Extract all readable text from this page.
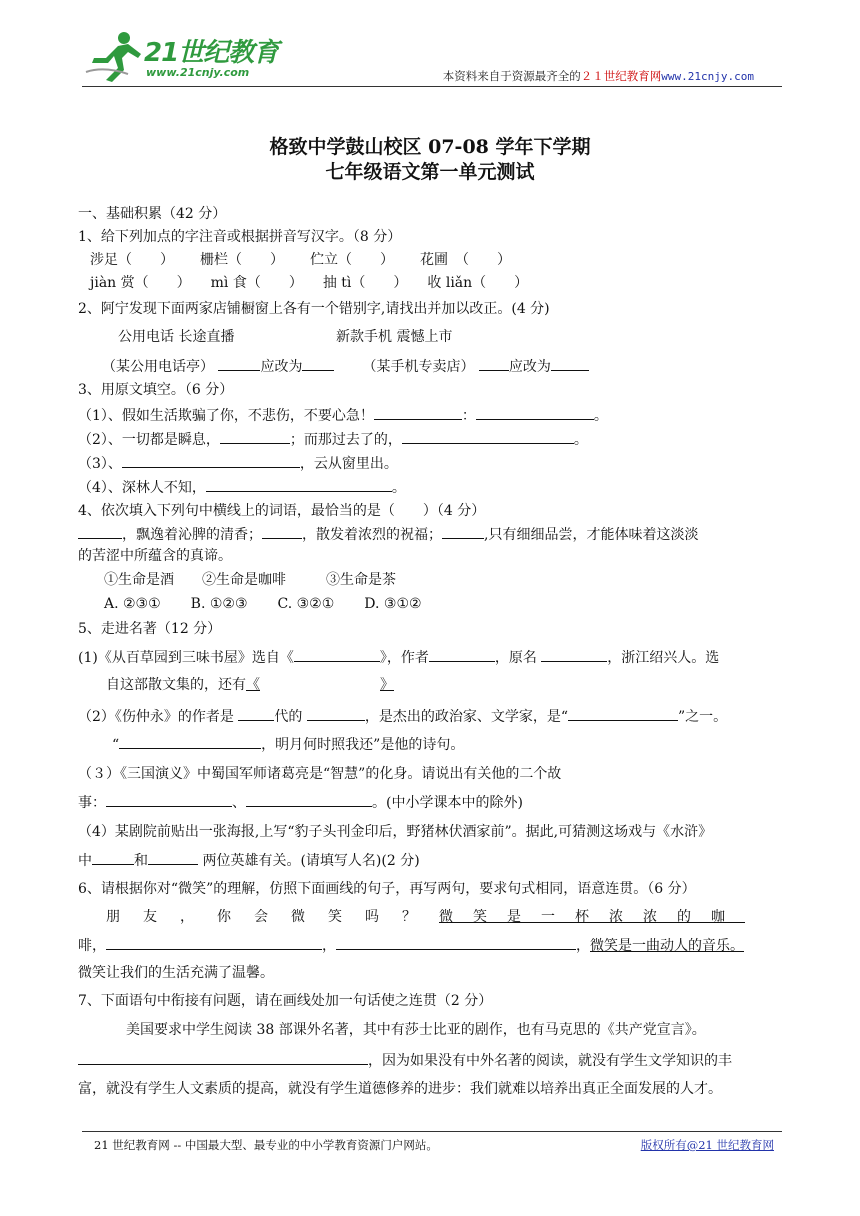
21世纪教育
www.21cnjy.com	本资料来自于资源最齐全的２１世纪教育网www.21cnjy.com
格致中学鼓山校区 07-08 学年下学期
七年级语文第一单元测试
一、基础积累（42 分）
1、给下列加点的字注音或根据拼音写汉字。（8 分）
涉足（　　） 栅栏（　　） 伫立（　　） 花圃　（　　）
jiàn 赏（　　） mì 食（　　） 抽 tì（　　） 收 liǎn（　　）
2、阿宁发现下面两家店铺橱窗上各有一个错别字,请找出并加以改正。(4 分)
公用电话 长途直播	新款手机 震憾上市
（某公用电话亭）	应改为	（某手机专卖店） 应改为
3、用原文填空。（6 分）
（1）、假如生活欺骗了你，不悲伤，不要心急！	：	。
（2）、一切都是瞬息，	；而那过去了的，	。
（3）、	，云从窗里出。
（4）、深林人不知，	。
4、依次填入下列句中横线上的词语，最恰当的是（　　）（4 分）
，飘逸着沁脾的清香；	，散发着浓烈的祝福；	,只有细细品尝，才能体味着这淡淡
的苦涩中所蕴含的真谛。
①生命是酒 ②生命是咖啡	③生命是茶
A. ②③① B. ①②③ C. ③②① D. ③①②
5、走进名著（12 分）
(1)《从百草园到三味书屋》选自《	》，作者	，原名	，浙江绍兴人。选
自这部散文集的，还有《	》
（2）《伤仲永》的作者是	代的	，是杰出的政治家、文学家，是“	”之一。
“	，明月何时照我还”是他的诗句。
（３）《三国演义》中蜀国军师诸葛亮是“智慧”的化身。请说出有关他的二个故
事：	、	。(中小学课本中的除外)
（4）某剧院前贴出一张海报,上写“豹子头刊金印后，野猪林伏酒家前”。据此,可猜测这场戏与《水浒》
中	和	两位英雄有关。(请填写人名)(2 分)
6、请根据你对“微笑”的理解，仿照下面画线的句子，再写两句，要求句式相同，语意连贯。（6 分）
朋友，你会微笑吗？微笑是一杯浓浓的咖
啡，	，	，微笑是一曲动人的音乐。
微笑让我们的生活充满了温馨。
7、下面语句中衔接有问题，请在画线处加一句话使之连贯（2 分）
美国要求中学生阅读 38 部课外名著，其中有莎士比亚的剧作，也有马克思的《共产党宣言》。
，因为如果没有中外名著的阅读，就没有学生文学知识的丰
富，就没有学生人文素质的提高，就没有学生道德修养的进步：我们就难以培养出真正全面发展的人才。
21 世纪教育网 -- 中国最大型、最专业的中小学教育资源门户网站。	版权所有@21 世纪教育网
